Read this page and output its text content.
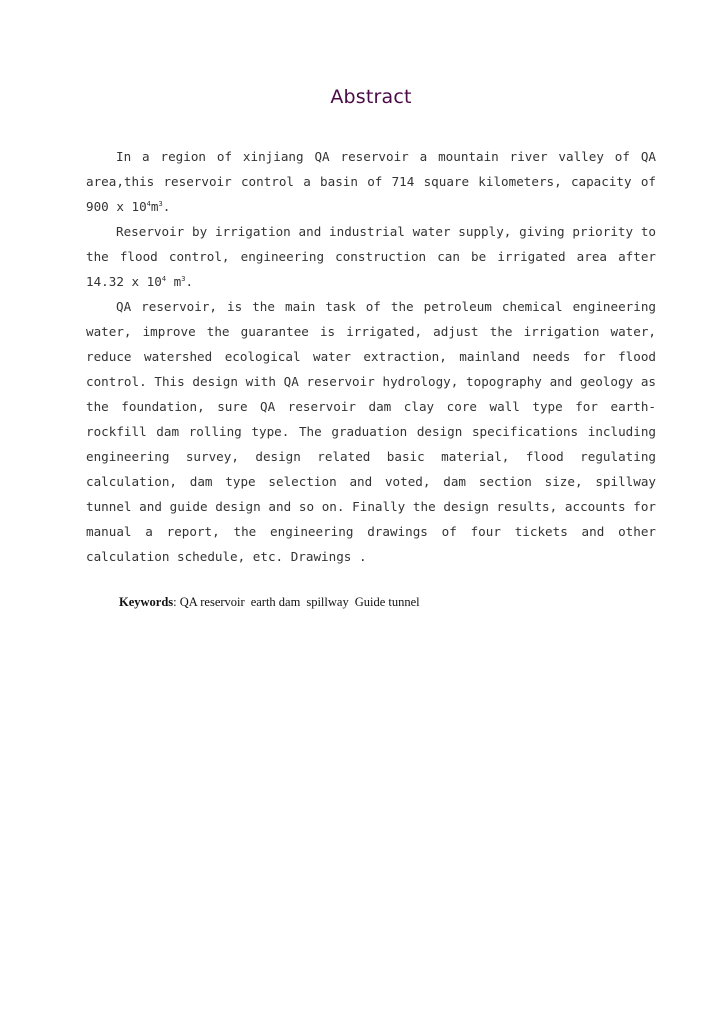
Abstract

In a region of xinjiang QA reservoir a mountain river valley of QA area,this reservoir control a basin of 714 square kilometers, capacity of 900 x $10^4m^3$.

Reservoir by irrigation and industrial water supply, giving priority to the flood control, engineering construction can be irrigated area after 14.32 x $10^4$ $m^3$.

QA reservoir, is the main task of the petroleum chemical engineering water, improve the guarantee is irrigated, adjust the irrigation water, reduce watershed ecological water extraction, mainland needs for flood control. This design with QA reservoir hydrology, topography and geology as the foundation, sure QA reservoir dam clay core wall type for earth-rockfill dam rolling type. The graduation design specifications including engineering survey, design related basic material, flood regulating calculation, dam type selection and voted, dam section size, spillway tunnel and guide design and so on. Finally the design results, accounts for manual a report, the engineering drawings of four tickets and other calculation schedule, etc. Drawings .

Keywords: QA reservoir earth dam spillway Guide tunnel
